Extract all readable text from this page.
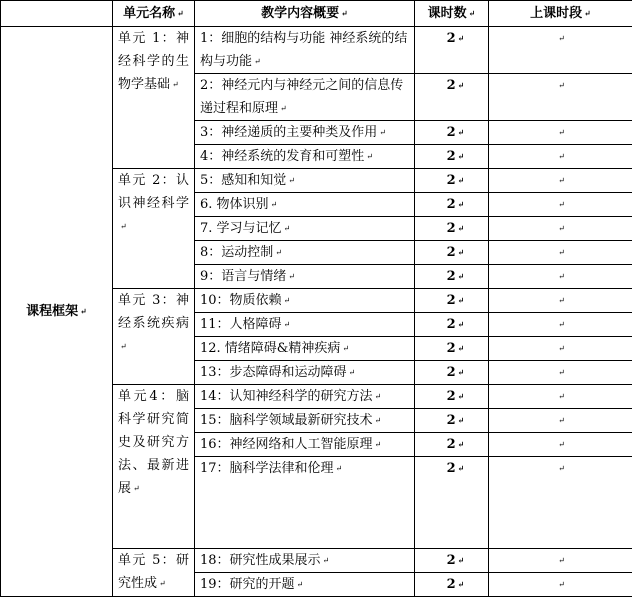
	单元名称 ↵	教学内容概要 ↵	课时数 ↵	上课时段 ↵
课程框架 ↵	单元 1：神经科学的生物学基础 ↵	1：细胞的结构与功能 神经系统的结构与功能 ↵	2 ↵	↵
		2：神经元内与神经元之间的信息传递过程和原理 ↵	2 ↵	↵
		3：神经递质的主要种类及作用 ↵	2 ↵	↵
		4：神经系统的发育和可塑性 ↵	2 ↵	↵
	单元 2：认识神经科学↵	5：感知和知觉 ↵	2 ↵	↵
		6. 物体识别 ↵	2 ↵	↵
		7. 学习与记忆 ↵	2 ↵	↵
		8：运动控制 ↵	2 ↵	↵
		9：语言与情绪 ↵	2 ↵	↵
	单元 3：神经系统疾病↵	10：物质依赖 ↵	2 ↵	↵
		11：人格障碍 ↵	2 ↵	↵
		12. 情绪障碍&精神疾病 ↵	2 ↵	↵
		13：步态障碍和运动障碍 ↵	2 ↵	↵
	单元4：脑科学研究简史及研究方法、最新进展 ↵	14：认知神经科学的研究方法 ↵	2 ↵	↵
		15：脑科学领域最新研究技术 ↵	2 ↵	↵
		16：神经网络和人工智能原理 ↵	2 ↵	↵
		17：脑科学法律和伦理 ↵	2 ↵	↵
	单元 5：研究性成 ↵	18：研究性成果展示 ↵	2 ↵	↵
		19：研究的开题 ↵	2 ↵	↵
